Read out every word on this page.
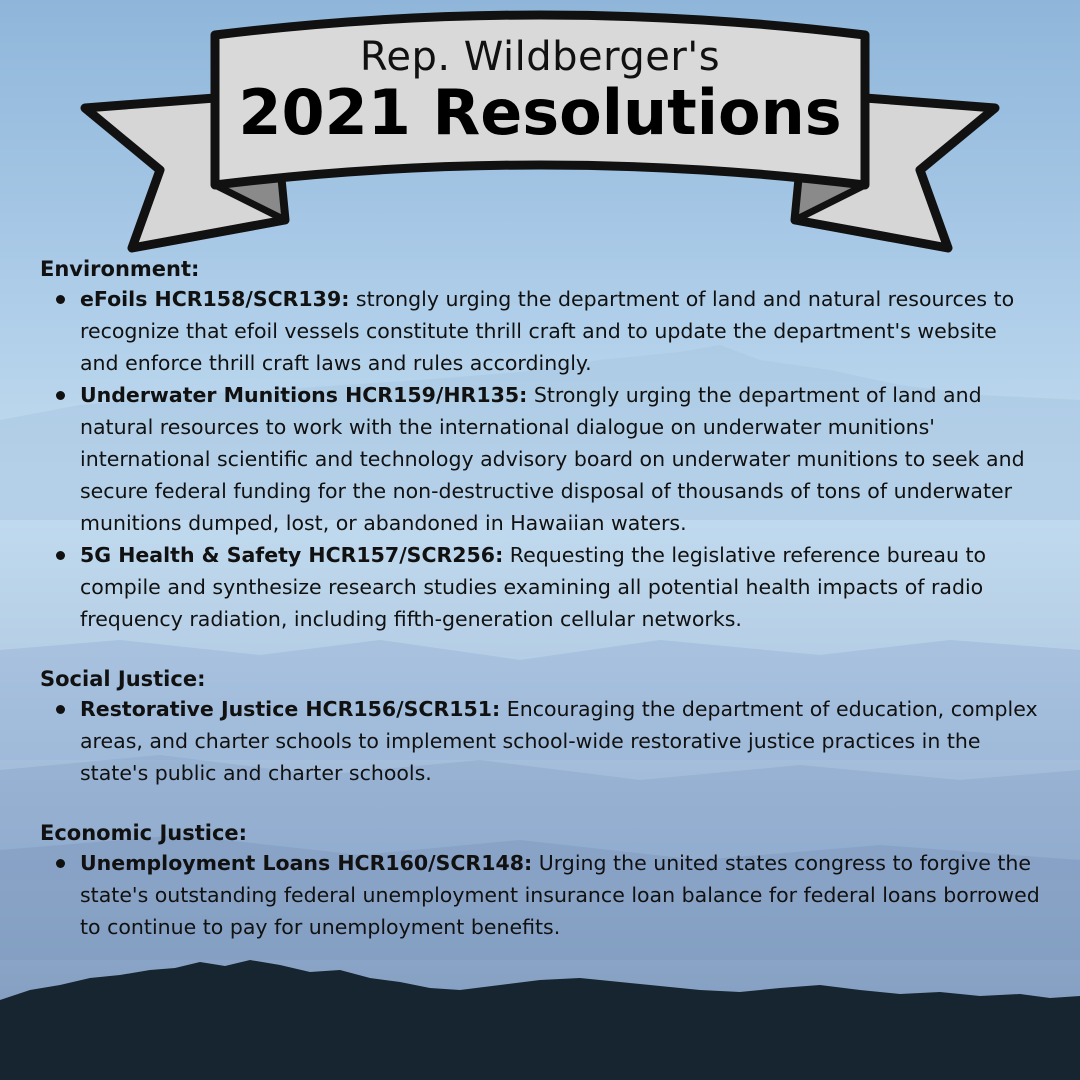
Rep. Wildberger's
2021 Resolutions

Environment:

eFoils HCR158/SCR139: strongly urging the department of land and natural resources to recognize that efoil vessels constitute thrill craft and to update the department's website and enforce thrill craft laws and rules accordingly.
Underwater Munitions HCR159/HR135: Strongly urging the department of land and natural resources to work with the international dialogue on underwater munitions' international scientific and technology advisory board on underwater munitions to seek and secure federal funding for the non-destructive disposal of thousands of tons of underwater munitions dumped, lost, or abandoned in Hawaiian waters.
5G Health & Safety HCR157/SCR256: Requesting the legislative reference bureau to compile and synthesize research studies examining all potential health impacts of radio frequency radiation, including fifth-generation cellular networks.

Social Justice:

Restorative Justice HCR156/SCR151: Encouraging the department of education, complex areas, and charter schools to implement school-wide restorative justice practices in the state's public and charter schools.

Economic Justice:

Unemployment Loans HCR160/SCR148: Urging the united states congress to forgive the state's outstanding federal unemployment insurance loan balance for federal loans borrowed to continue to pay for unemployment benefits.
